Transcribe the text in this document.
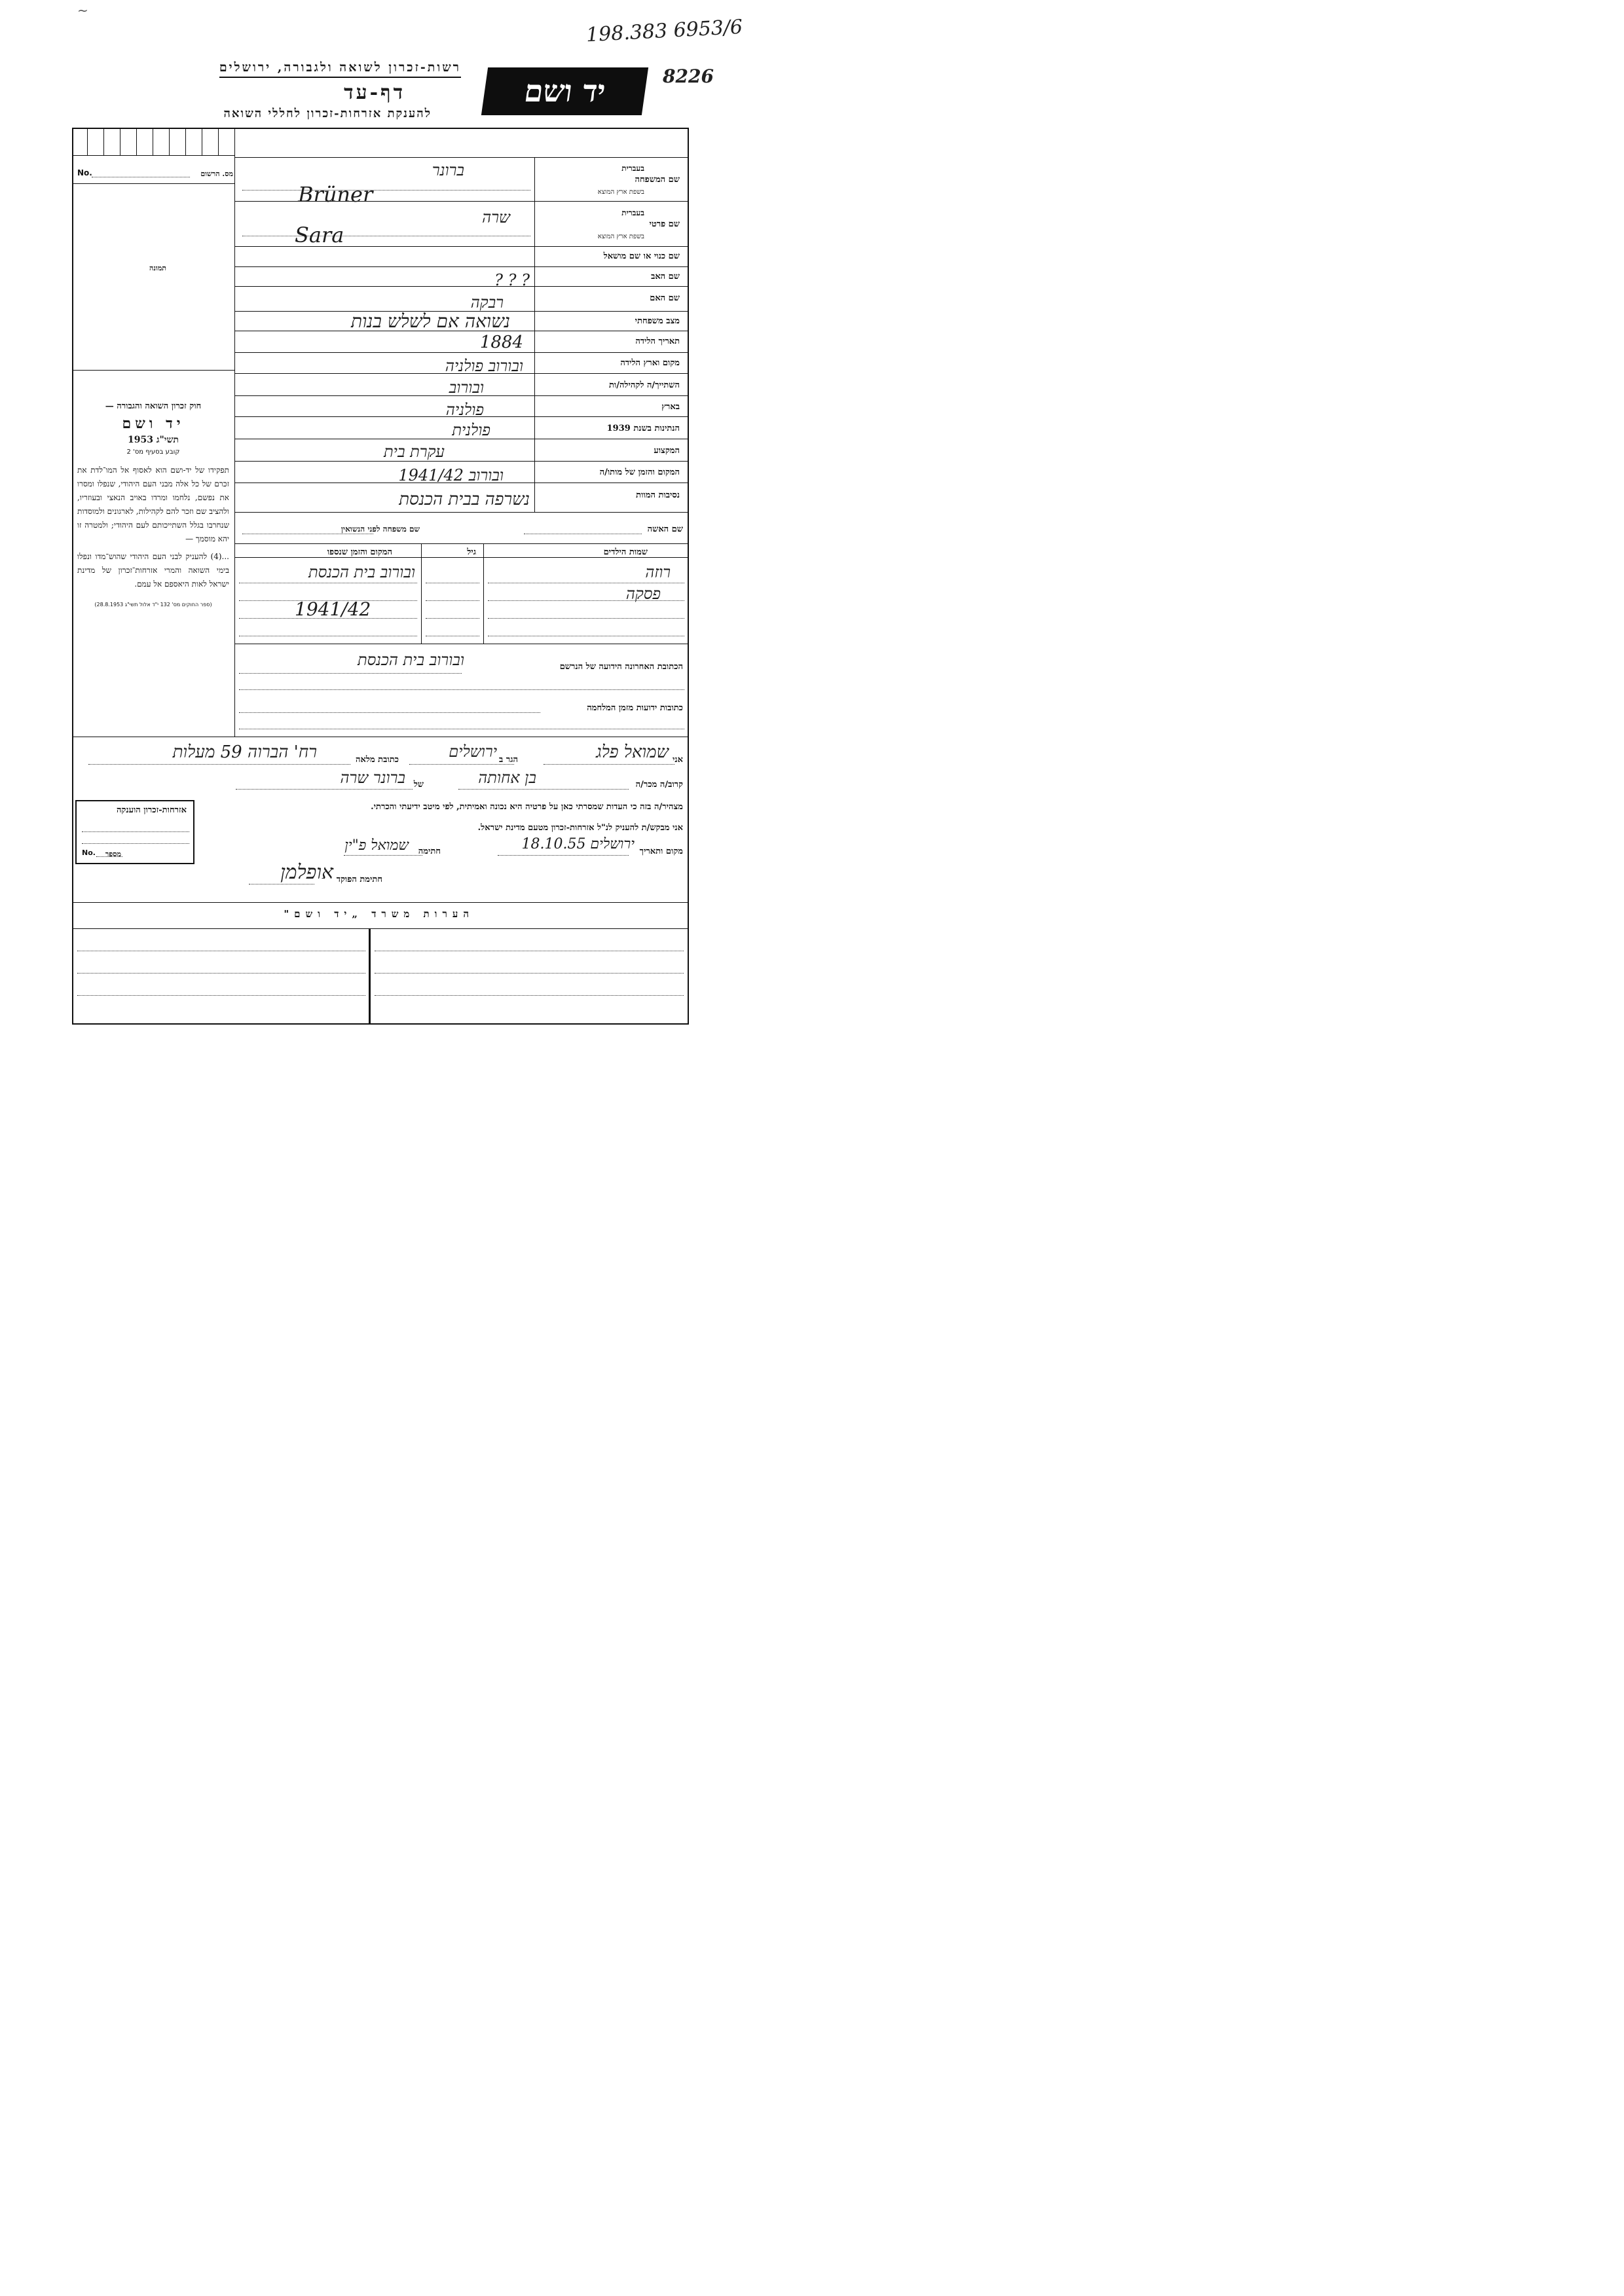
198.383 6953/6
8226
~
רשות-זכרון לשואה ולגבורה, ירושלים
דף-עד
להענקת אזרחות-זכרון לחללי השואה
יד ושם
No.	מס. הרשום
תמונה

חוק זכרון השואה והגבורה —

יד ושם

תשי"ג 1953

קובע בסעיף מס' 2

תפקידו של יד-ושם הוא לאסוף אל המו־לדת את זכרם של כל אלה מבני העם היהודי, שנפלו ומסרו את נפשם, נלחמו ומרדו באויב הנאצי ובעוזריו, ולהציב שם וזכר להם לקהילות, לארגונים ולמוסדות שנחרבו בגלל השתייכותם לעם היהודי; ולמטרה זו יהא מוסמך —

...(4) להעניק לבני העם היהודי שהוש־מדו ונפלו בימי השואה והמרי אזרחות־זכרון של מדינת ישראל לאות היאספם אל עמם.

(ספר החוקים מס' 132 י"ד אלול תשי"ג 28.8.1953)

שם המשפחה
בעברית
בשפת ארץ המוצא
שם פרטי
בעברית
בשפת ארץ המוצא
שם כנוי או שם מושאל
שם האב
שם האם
מצב משפחתי
תאריך הלידה
מקום וארץ הלידה
השתייך/ה לקהילה/ות
בארץ
הנתינות בשנת 1939
המקצוע
המקום והזמן של מותו/ה
נסיבות המוות
ברונר
Brüner
שרה
Sara
? ? ?
רבקה
נשואה אם לשלש בנות
1884
ובורוב פולניה
ובורוב
פולניה
פולנית
עקרת בית
ובורוב 1941/42
נשרפה בבית הכנסת
שם האשה
שם משפחה לפני הנשואין
שמות הילדים
גיל
המקום והזמן שנספו
רוזה
פסקה
ובורוב בית הכנסת
1941/42
הכתובת האחרונה הידועה של הנרשם
ובורוב בית הכנסת
כתובות ידועות מזמן המלחמה
אני
שמואל פלג
הגר ב
ירושלים
כתובת מלאה
רח' הברוה 59 מעלות
קרוב/ה מכר/ה
בן אחותה
של
ברונר שרה
מצהיר/ה בזה כי העדות שמסרתי כאן על פרטיה היא נכונה ואמיתית, לפי מיטב ידיעתי והכרתי.
אני מבקש/ת להעניק לנ"ל אזרחות-זכרון מטעם מדינת ישראל.
מקום ותאריך
ירושלים 18.10.55
חתימה
שמואל פ"ין
חתימת הפוקד
אופלמן
אזרחות-זכרון הוענקה
No. מספר
הערות משרד „יד ושם"
